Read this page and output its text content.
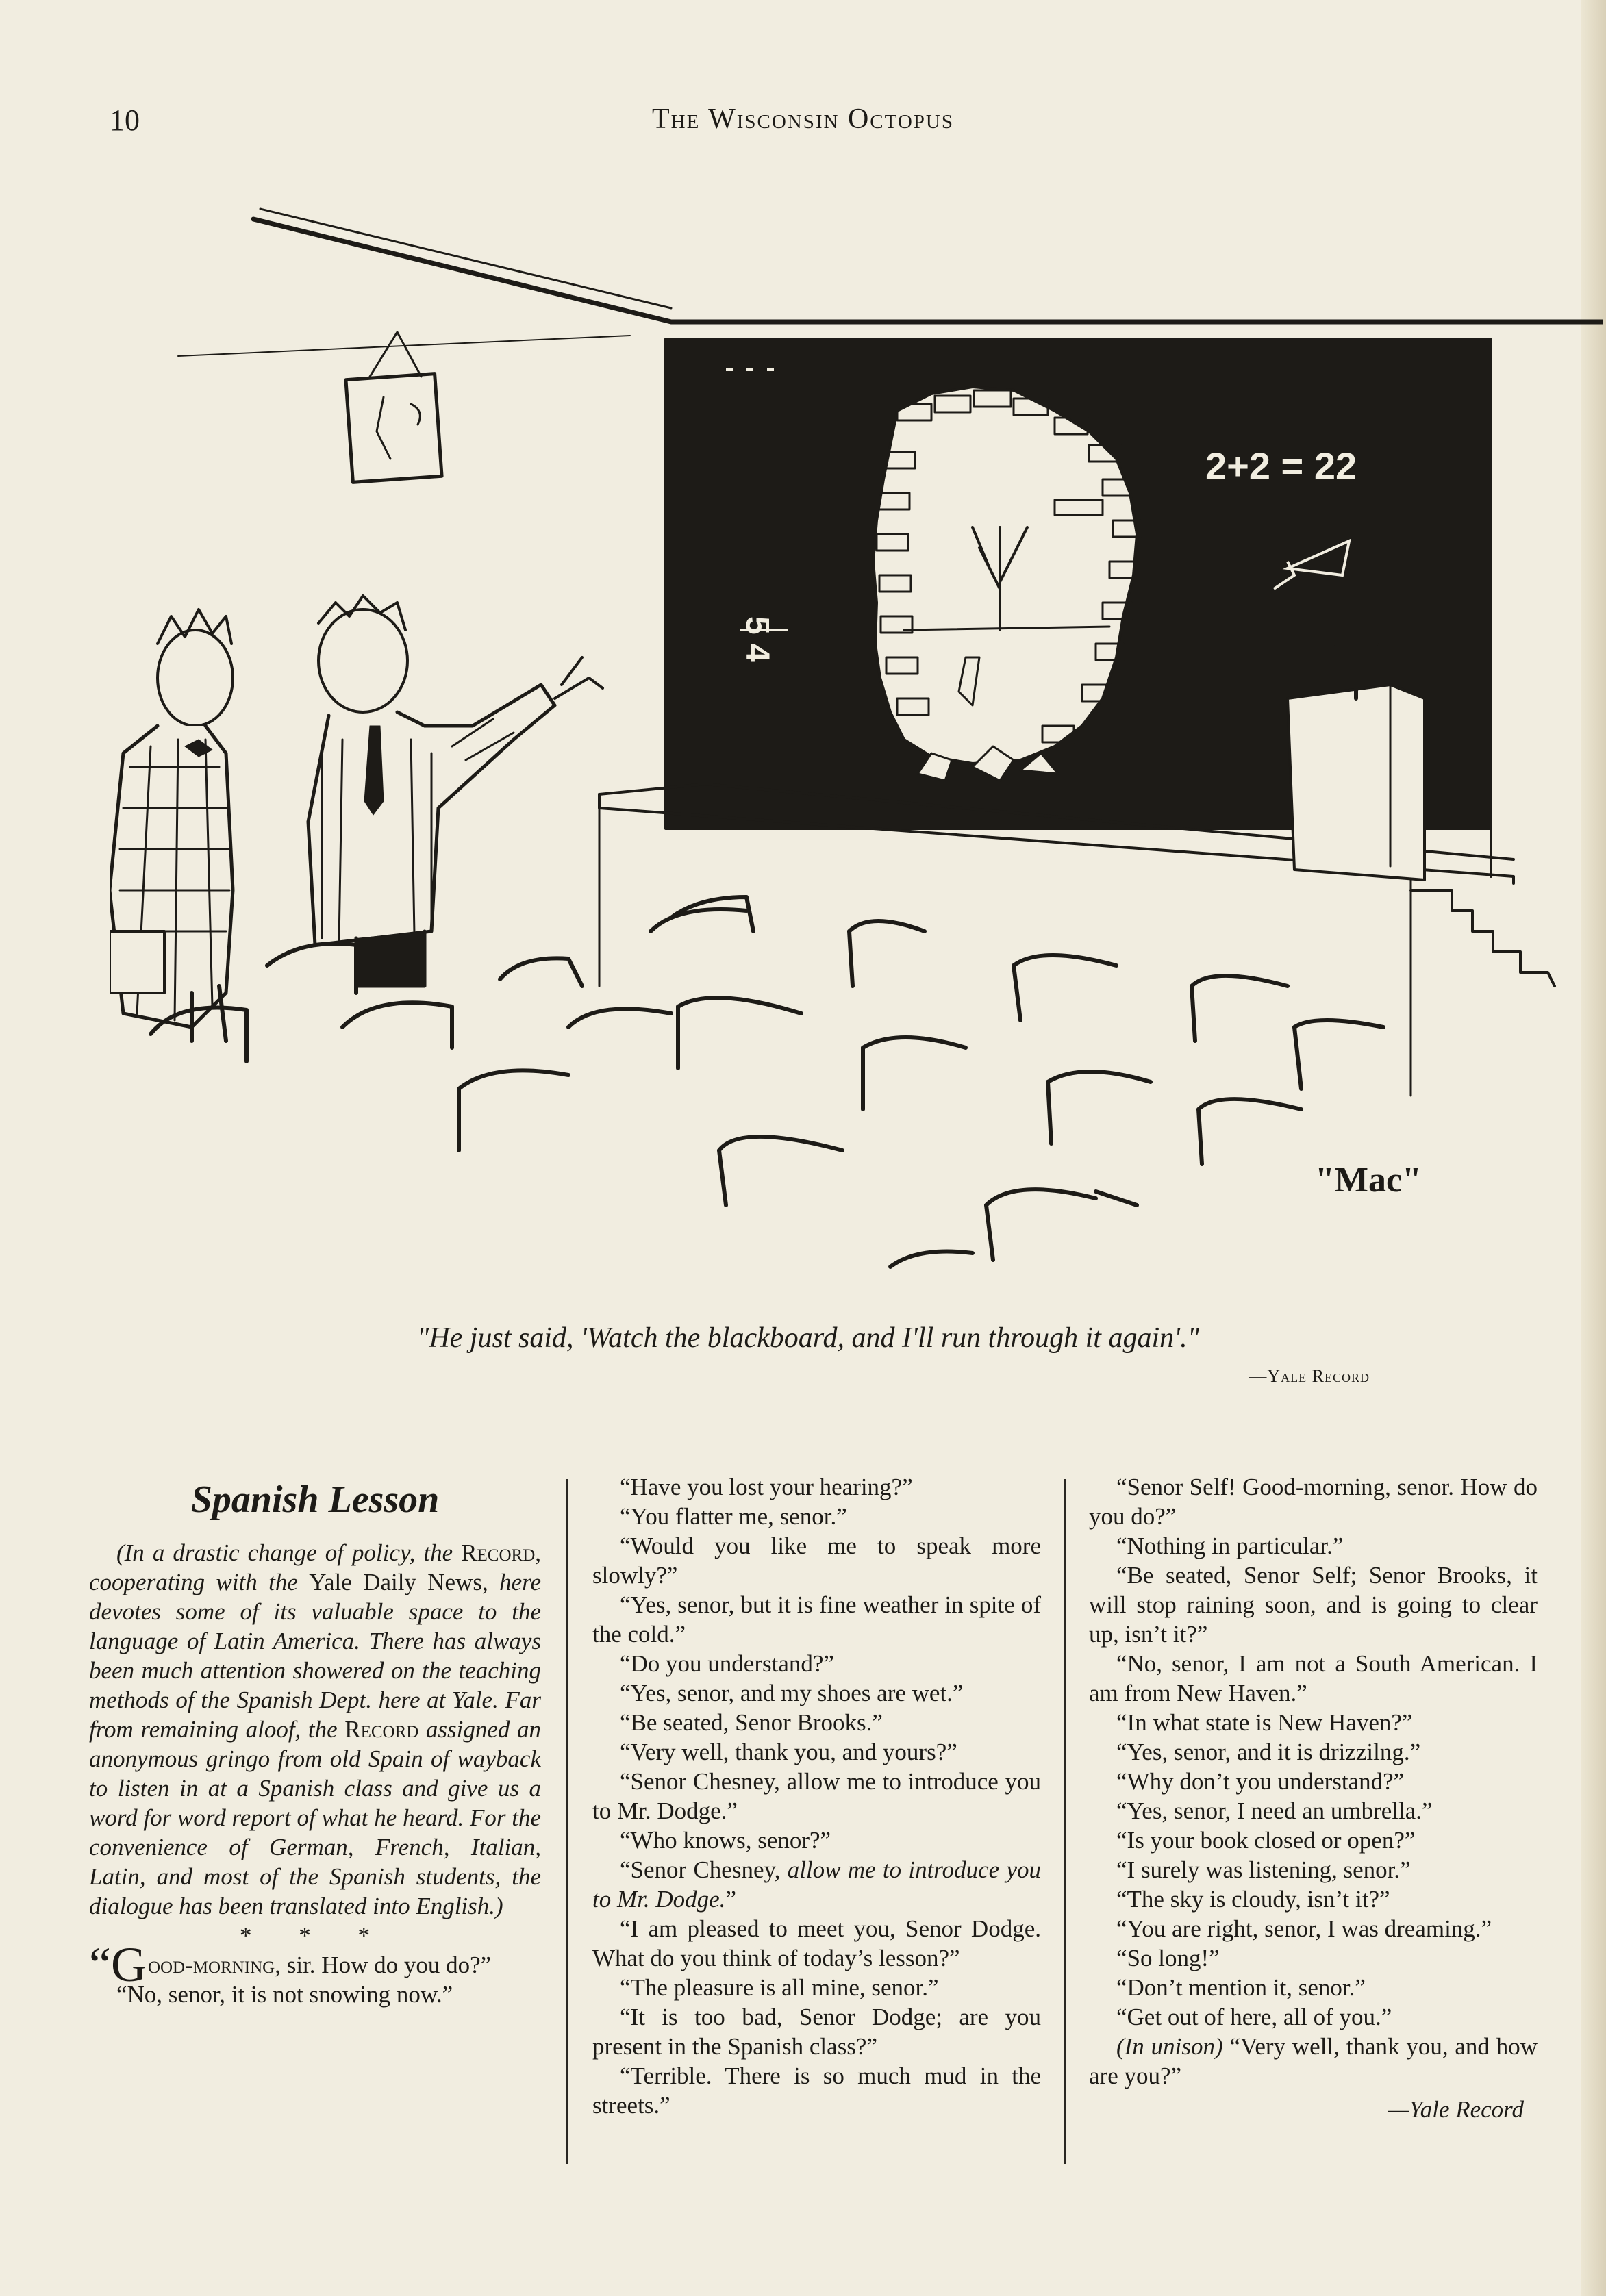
10	The Wisconsin Octopus
2+2 = 22
5 4
"Mac"
"He just said, 'Watch the blackboard, and I'll run through it again'."
—Yale Record
Spanish Lesson

(In a drastic change of policy, the Record, cooperating with the Yale Daily News, here devotes some of its valuable space to the language of Latin America. There has always been much attention showered on the teaching methods of the Spanish Dept. here at Yale. Far from remaining aloof, the Record assigned an anonymous gringo from old Spain of wayback to listen in at a Spanish class and give us a word for word report of what he heard. For the convenience of German, French, Italian, Latin, and most of the Spanish students, the dialogue has been translated into English.)

* * *

“Good-morning, sir. How do you do?”

“No, senor, it is not snowing now.”

“Have you lost your hearing?”

“You flatter me, senor.”

“Would you like me to speak more slowly?”

“Yes, senor, but it is fine weather in spite of the cold.”

“Do you understand?”

“Yes, senor, and my shoes are wet.”

“Be seated, Senor Brooks.”

“Very well, thank you, and yours?”

“Senor Chesney, allow me to introduce you to Mr. Dodge.”

“Who knows, senor?”

“Senor Chesney, allow me to introduce you to Mr. Dodge.”

“I am pleased to meet you, Senor Dodge. What do you think of today’s lesson?”

“The pleasure is all mine, senor.”

“It is too bad, Senor Dodge; are you present in the Spanish class?”

“Terrible. There is so much mud in the streets.”

“Senor Self! Good-morning, senor. How do you do?”

“Nothing in particular.”

“Be seated, Senor Self; Senor Brooks, it will stop raining soon, and is going to clear up, isn’t it?”

“No, senor, I am not a South American. I am from New Haven.”

“In what state is New Haven?”

“Yes, senor, and it is drizzilng.”

“Why don’t you understand?”

“Yes, senor, I need an umbrella.”

“Is your book closed or open?”

“I surely was listening, senor.”

“The sky is cloudy, isn’t it?”

“You are right, senor, I was dreaming.”

“So long!”

“Don’t mention it, senor.”

“Get out of here, all of you.”

(In unison) “Very well, thank you, and how are you?”

—Yale Record
